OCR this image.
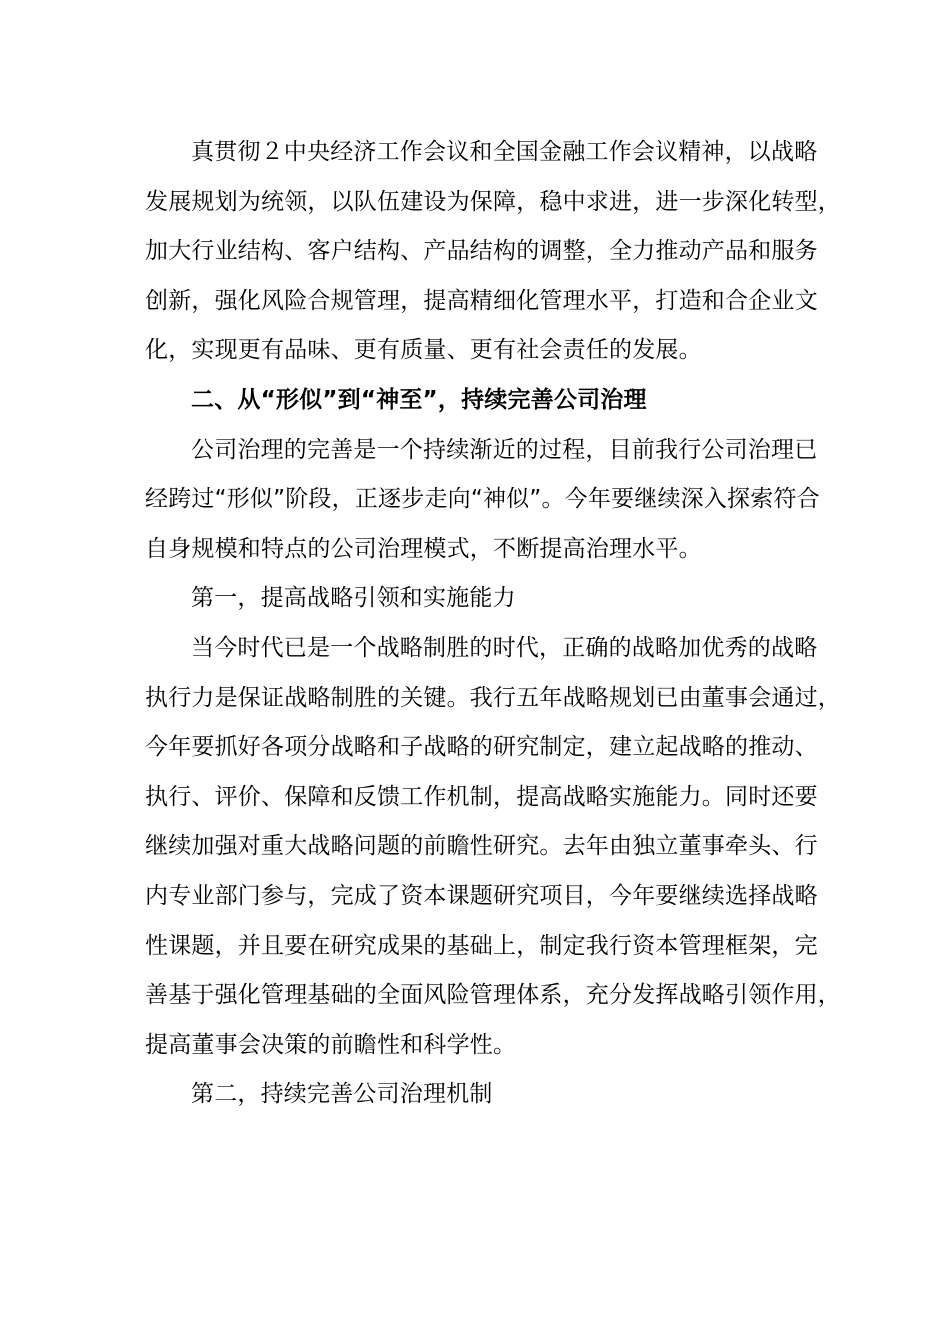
真贯彻２中央经济工作会议和全国金融工作会议精神，以战略
发展规划为统领，以队伍建设为保障，稳中求进，进一步深化转型，
加大行业结构、客户结构、产品结构的调整，全力推动产品和服务
创新，强化风险合规管理，提高精细化管理水平，打造和合企业文
化，实现更有品味、更有质量、更有社会责任的发展。
二、从“形似”到“神至”，持续完善公司治理
公司治理的完善是一个持续渐近的过程，目前我行公司治理已
经跨过“形似”阶段，正逐步走向“神似”。今年要继续深入探索符合
自身规模和特点的公司治理模式，不断提高治理水平。
第一，提高战略引领和实施能力
当今时代已是一个战略制胜的时代，正确的战略加优秀的战略
执行力是保证战略制胜的关键。我行五年战略规划已由董事会通过，
今年要抓好各项分战略和子战略的研究制定，建立起战略的推动、
执行、评价、保障和反馈工作机制，提高战略实施能力。同时还要
继续加强对重大战略问题的前瞻性研究。去年由独立董事牵头、行
内专业部门参与，完成了资本课题研究项目，今年要继续选择战略
性课题，并且要在研究成果的基础上，制定我行资本管理框架，完
善基于强化管理基础的全面风险管理体系，充分发挥战略引领作用，
提高董事会决策的前瞻性和科学性。
第二，持续完善公司治理机制
